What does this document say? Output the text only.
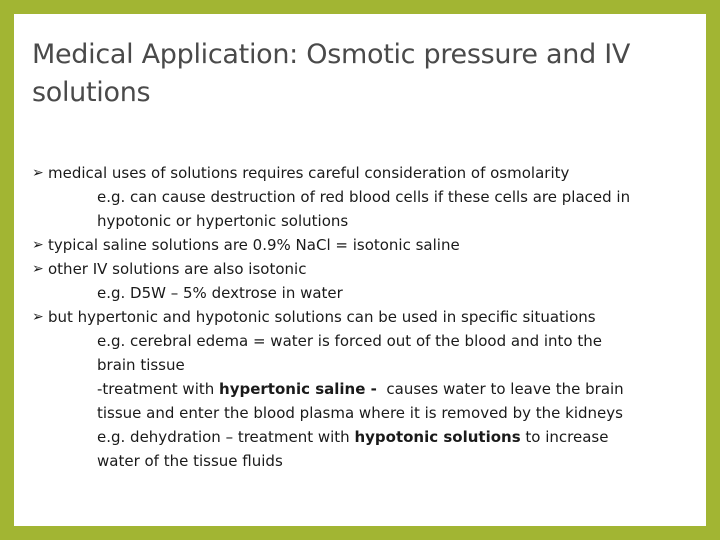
Medical Application: Osmotic pressure and IV
solutions
➢ medical uses of solutions requires careful consideration of osmolarity
e.g. can cause destruction of red blood cells if these cells are placed in
hypotonic or hypertonic solutions
➢ typical saline solutions are 0.9% NaCl = isotonic saline
➢ other IV solutions are also isotonic
e.g. D5W – 5% dextrose in water
➢ but hypertonic and hypotonic solutions can be used in specific situations
e.g. cerebral edema = water is forced out of the blood and into the
brain tissue
-treatment with hypertonic saline -  causes water to leave the brain
tissue and enter the blood plasma where it is removed by the kidneys
e.g. dehydration – treatment with hypotonic solutions to increase
water of the tissue fluids
